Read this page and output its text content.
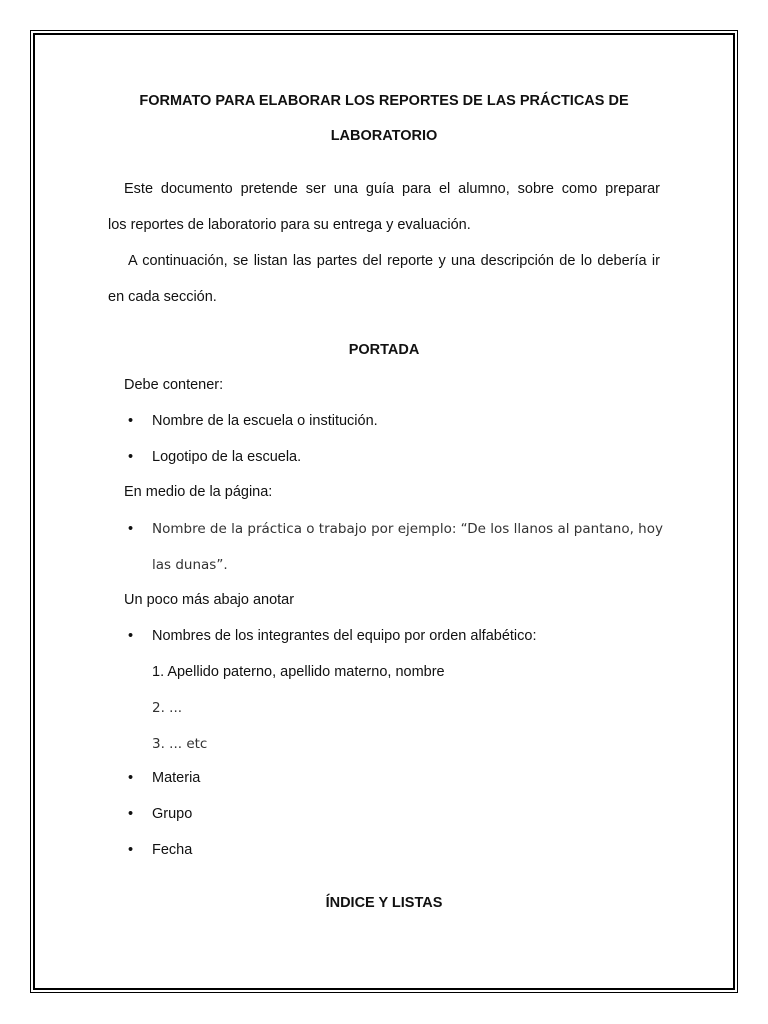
FORMATO PARA ELABORAR LOS REPORTES DE LAS PRÁCTICAS DE
LABORATORIO
Este documento pretende ser una guía para el alumno, sobre como preparar
los reportes de laboratorio para su entrega y evaluación.
A continuación, se listan las partes del reporte y una descripción de lo debería ir
en cada sección.
PORTADA
Debe contener:
• Nombre de la escuela o institución.
• Logotipo de la escuela.
En medio de la página:
• Nombre de la práctica o trabajo por ejemplo: “De los llanos al pantano, hoy
las dunas”.
Un poco más abajo anotar
• Nombres de los integrantes del equipo por orden alfabético:
1. Apellido paterno, apellido materno, nombre
2. ...
3. ... etc
• Materia
• Grupo
• Fecha
ÍNDICE Y LISTAS
